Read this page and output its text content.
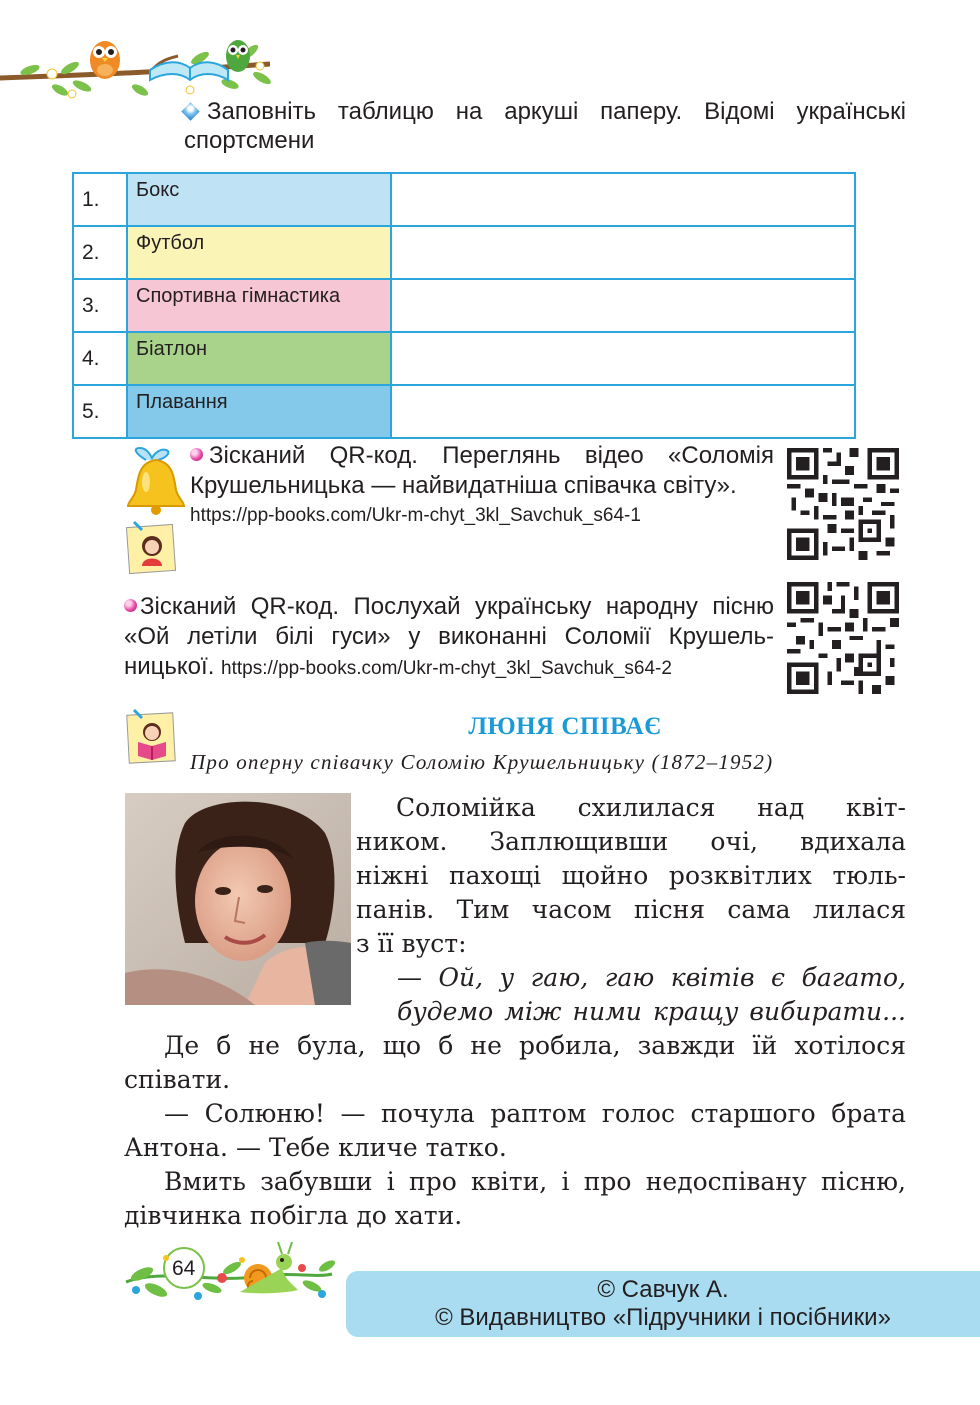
Заповніть таблицю на аркуші паперу. Відомі українські спортсмени
1.	Бокс	
2.	Футбол	
3.	Спортивна гімнастика	
4.	Біатлон	
5.	Плавання	
Зісканий QR-код. Переглянь відео «Соломія
Крушельницька — найвидатніша співачка світу».
https://pp-books.com/Ukr-m-chyt_3kl_Savchuk_s64-1
Зісканий QR-код. Послухай українську народну пісню
«Ой летіли білі гуси» у виконанні Соломії Крушель-
ницької. https://pp-books.com/Ukr-m-chyt_3kl_Savchuk_s64-2
ЛЮНЯ СПІВАЄ
Про оперну співачку Соломію Крушельницьку (1872–1952)
Соломійка схилилася над квіт-
ником. Заплющивши очі, вдихала
ніжні пахощі щойно розквітлих тюль-
панів. Тим часом пісня сама лилася
з її вуст:
— Ой, у гаю, гаю квітів є багато,
будемо між ними кращу вибирати...
Де б не була, що б не робила, завжди їй хотілося
співати.
— Солюню! — почула раптом голос старшого брата
Антона. — Тебе кличе татко.
Вмить забувши і про квіти, і про недоспівану пісню,
дівчинка побігла до хати.
64
© Савчук А.
© Видавництво «Підручники і посібники»
